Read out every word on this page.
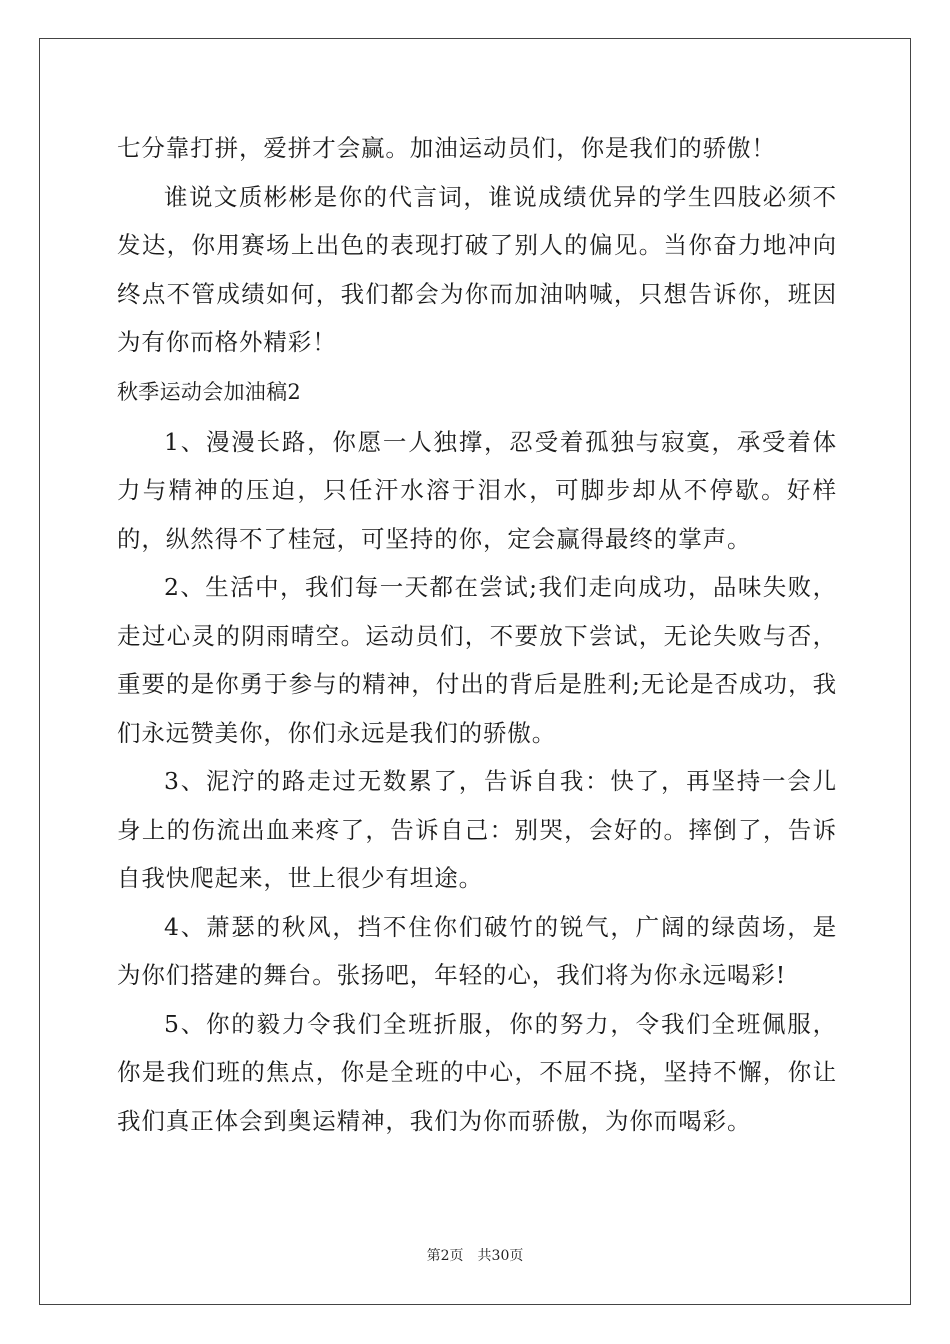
七分靠打拼，爱拼才会赢。加油运动员们，你是我们的骄傲！

谁说文质彬彬是你的代言词，谁说成绩优异的学生四肢必须不发达，你用赛场上出色的表现打破了别人的偏见。当你奋力地冲向终点不管成绩如何，我们都会为你而加油呐喊，只想告诉你，班因为有你而格外精彩！

秋季运动会加油稿2

1、漫漫长路，你愿一人独撑，忍受着孤独与寂寞，承受着体力与精神的压迫，只任汗水溶于泪水，可脚步却从不停歇。好样的，纵然得不了桂冠，可坚持的你，定会赢得最终的掌声。

2、生活中，我们每一天都在尝试;我们走向成功，品味失败，走过心灵的阴雨晴空。运动员们，不要放下尝试，无论失败与否，重要的是你勇于参与的精神，付出的背后是胜利;无论是否成功，我们永远赞美你，你们永远是我们的骄傲。

3、泥泞的路走过无数累了，告诉自我：快了，再坚持一会儿身上的伤流出血来疼了，告诉自己：别哭，会好的。摔倒了，告诉自我快爬起来，世上很少有坦途。

4、萧瑟的秋风，挡不住你们破竹的锐气，广阔的绿茵场，是为你们搭建的舞台。张扬吧，年轻的心，我们将为你永远喝彩!

5、你的毅力令我们全班折服，你的努力，令我们全班佩服，你是我们班的焦点，你是全班的中心，不屈不挠，坚持不懈，你让我们真正体会到奥运精神，我们为你而骄傲，为你而喝彩。

第2页 共30页
